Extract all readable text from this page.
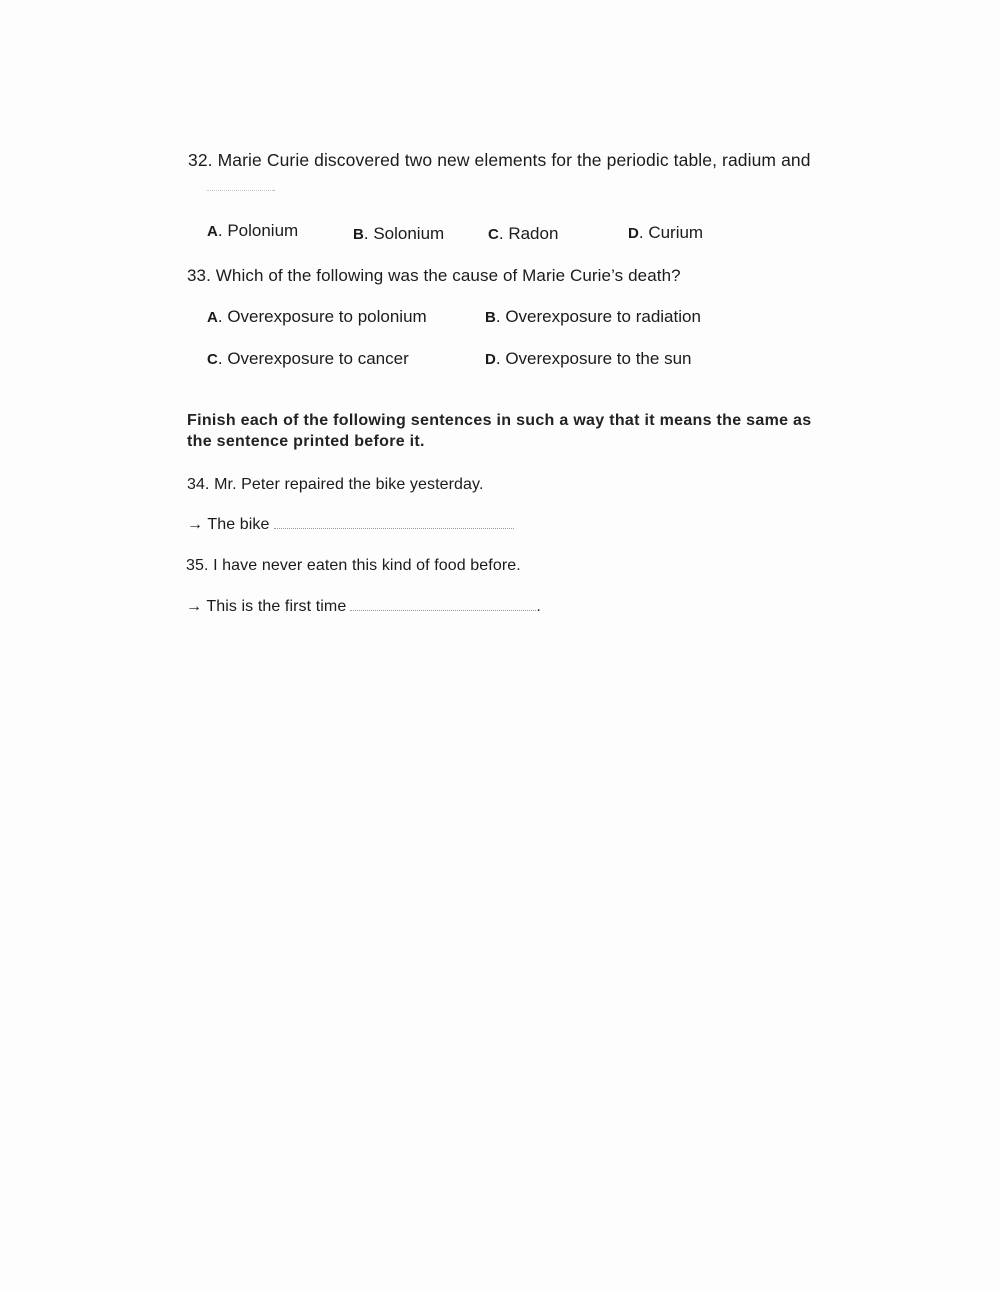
32. Marie Curie discovered two new elements for the periodic table, radium and
.
A. Polonium	B. Solonium	C. Radon	D. Curium
33. Which of the following was the cause of Marie Curie’s death?
A. Overexposure to polonium	B. Overexposure to radiation
C. Overexposure to cancer	D. Overexposure to the sun
Finish each of the following sentences in such a way that it means the same as the sentence printed before it.
34. Mr. Peter repaired the bike yesterday.
→ The bike
35. I have never eaten this kind of food before.
→ This is the first time	.
